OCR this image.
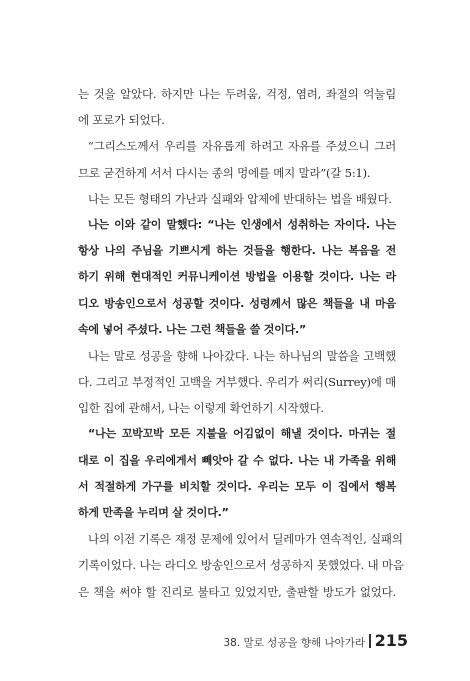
는 것을 알았다. 하지만 나는 두려움, 걱정, 염려, 좌절의 억눌림
에 포로가 되었다.
“그리스도께서 우리를 자유롭게 하려고 자유를 주셨으니 그러
므로 굳건하게 서서 다시는 종의 멍에를 메지 말라”(갈 5:1).
나는 모든 형태의 가난과 실패와 압제에 반대하는 법을 배웠다.
나는 이와 같이 말했다: “나는 인생에서 성취하는 자이다. 나는
항상 나의 주님을 기쁘시게 하는 것들을 행한다. 나는 복음을 전
하기 위해 현대적인 커뮤니케이션 방법을 이용할 것이다. 나는 라
디오 방송인으로서 성공할 것이다. 성령께서 많은 책들을 내 마음
속에 넣어 주셨다. 나는 그런 책들을 쓸 것이다.”
나는 말로 성공을 향해 나아갔다. 나는 하나님의 말씀을 고백했
다. 그리고 부정적인 고백을 거부했다. 우리가 써리(Surrey)에 매
입한 집에 관해서, 나는 이렇게 확언하기 시작했다.
“나는 꼬박꼬박 모든 지불을 어김없이 해낼 것이다. 마귀는 절
대로 이 집을 우리에게서 빼앗아 갈 수 없다. 나는 내 가족을 위해
서 적절하게 가구를 비치할 것이다. 우리는 모두 이 집에서 행복
하게 만족을 누리며 살 것이다.”
나의 이전 기록은 재정 문제에 있어서 딜레마가 연속적인, 실패의
기록이었다. 나는 라디오 방송인으로서 성공하지 못했었다. 내 마음
은 책을 써야 할 진리로 불타고 있었지만, 출판할 방도가 없었다.
38. 말로 성공을 향해 나아가라 215
